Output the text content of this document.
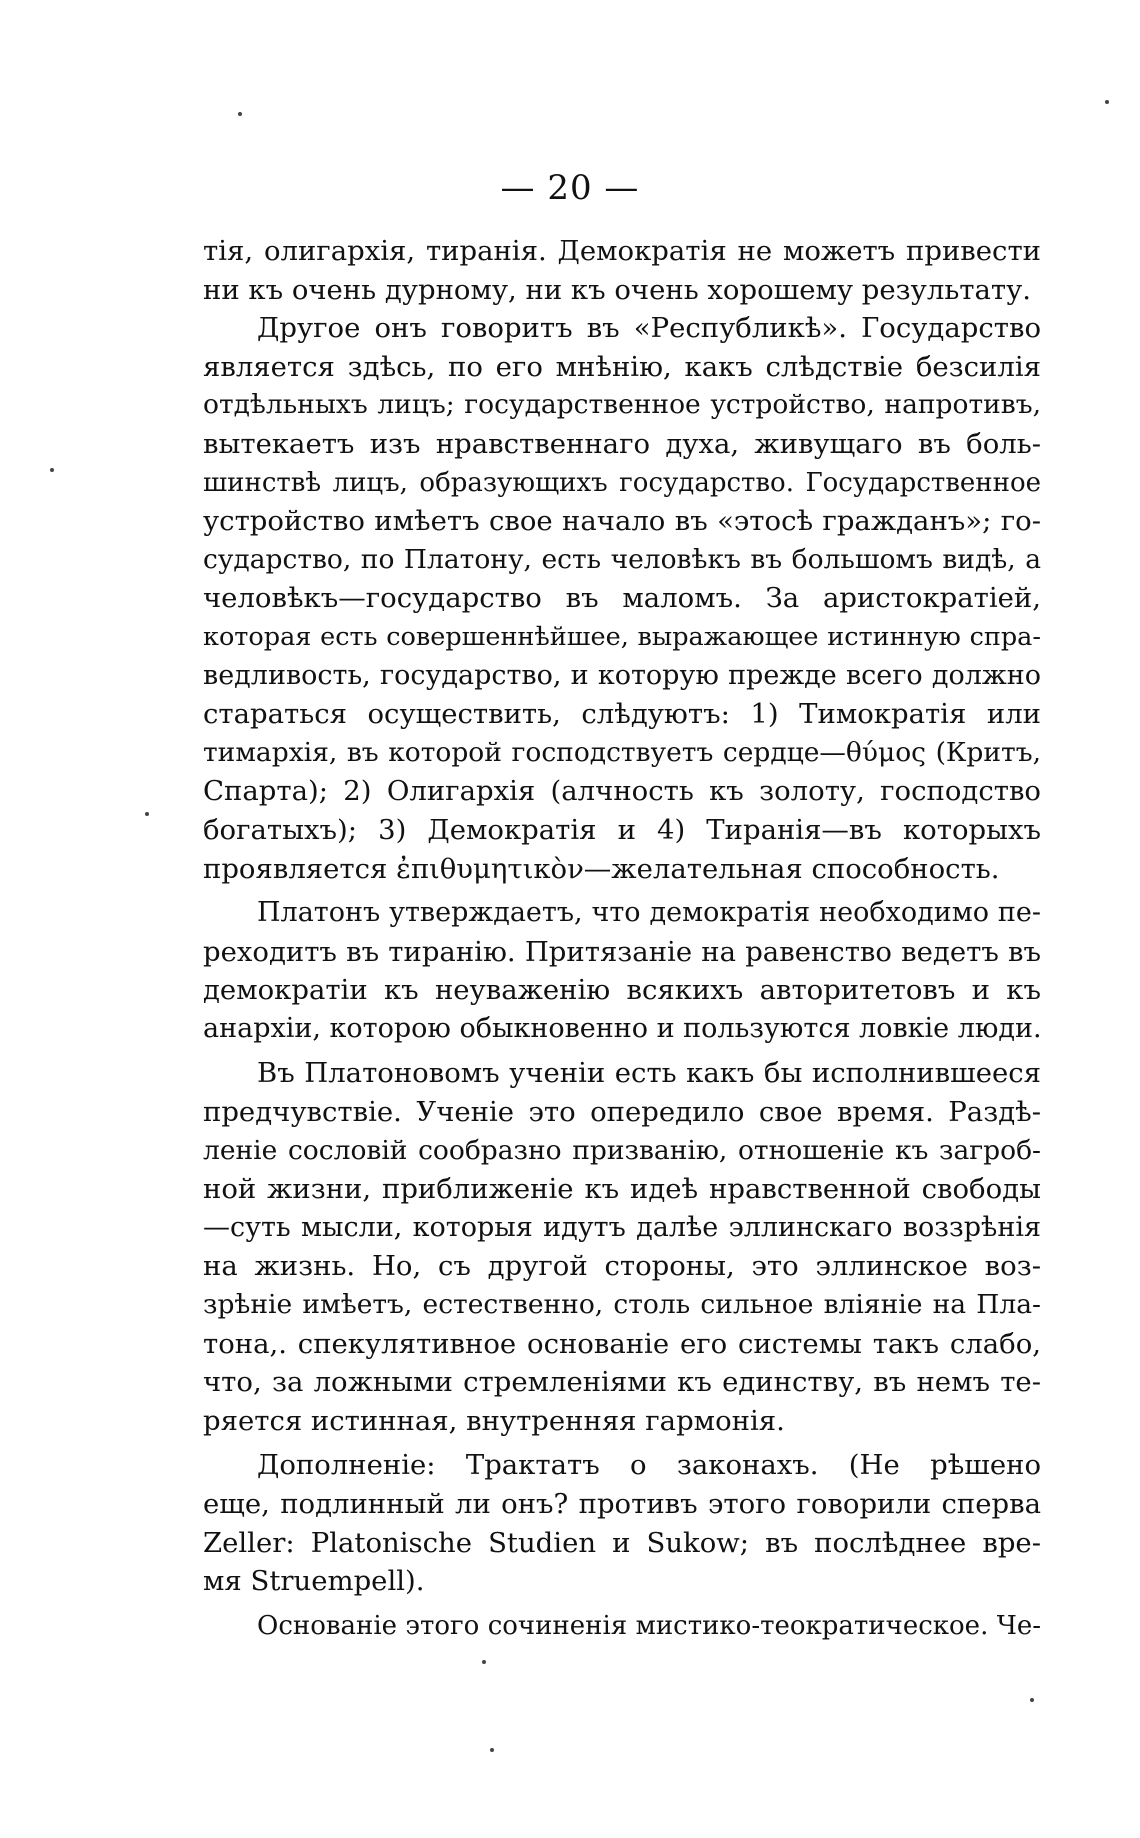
— 20 —
тія, олигархія, тиранія. Демократія не можетъ привести
ни къ очень дурному, ни къ очень хорошему результату.
Другое онъ говоритъ въ «Республикѣ». Государство
является здѣсь, по его мнѣнію, какъ слѣдствіе безсилія
отдѣльныхъ лицъ; государственное устройство, напротивъ,
вытекаетъ изъ нравственнаго духа, живущаго въ боль-
шинствѣ лицъ, образующихъ государство. Государственное
устройство имѣетъ свое начало въ «этосѣ гражданъ»; го-
сударство, по Платону, есть человѣкъ въ большомъ видѣ, а
человѣкъ—государство въ маломъ. За аристократіей,
которая есть совершеннѣйшее, выражающее истинную спра-
ведливость, государство, и которую прежде всего должно
стараться осуществить, слѣдуютъ: 1) Тимократія или
тимархія, въ которой господствуетъ сердце—θύμος (Критъ,
Спарта); 2) Олигархія (алчность къ золоту, господство
богатыхъ); 3) Демократія и 4) Тиранія—въ которыхъ
проявляется ἐπιθυμητικὸν—желательная способность.
Платонъ утверждаетъ, что демократія необходимо пе-
реходитъ въ тиранію. Притязаніе на равенство ведетъ въ
демократіи къ неуваженію всякихъ авторитетовъ и къ
анархіи, которою обыкновенно и пользуются ловкіе люди.
Въ Платоновомъ ученіи есть какъ бы исполнившееся
предчувствіе. Ученіе это опередило свое время. Раздѣ-
леніе сословій сообразно призванію, отношеніе къ загроб-
ной жизни, приближеніе къ идеѣ нравственной свободы
—суть мысли, которыя идутъ далѣе эллинскаго воззрѣнія
на жизнь. Но, съ другой стороны, это эллинское воз-
зрѣніе имѣетъ, естественно, столь сильное вліяніе на Пла-
тона,. спекулятивное основаніе его системы такъ слабо,
что, за ложными стремленіями къ единству, въ немъ те-
ряется истинная, внутренняя гармонія.
Дополненіе: Трактатъ о законахъ. (Не рѣшено
еще, подлинный ли онъ? противъ этого говорили сперва
Zeller: Platonische Studien и Sukow; въ послѣднее вре-
мя Struempell).
Основаніе этого сочиненія мистико-теократическое. Че-
